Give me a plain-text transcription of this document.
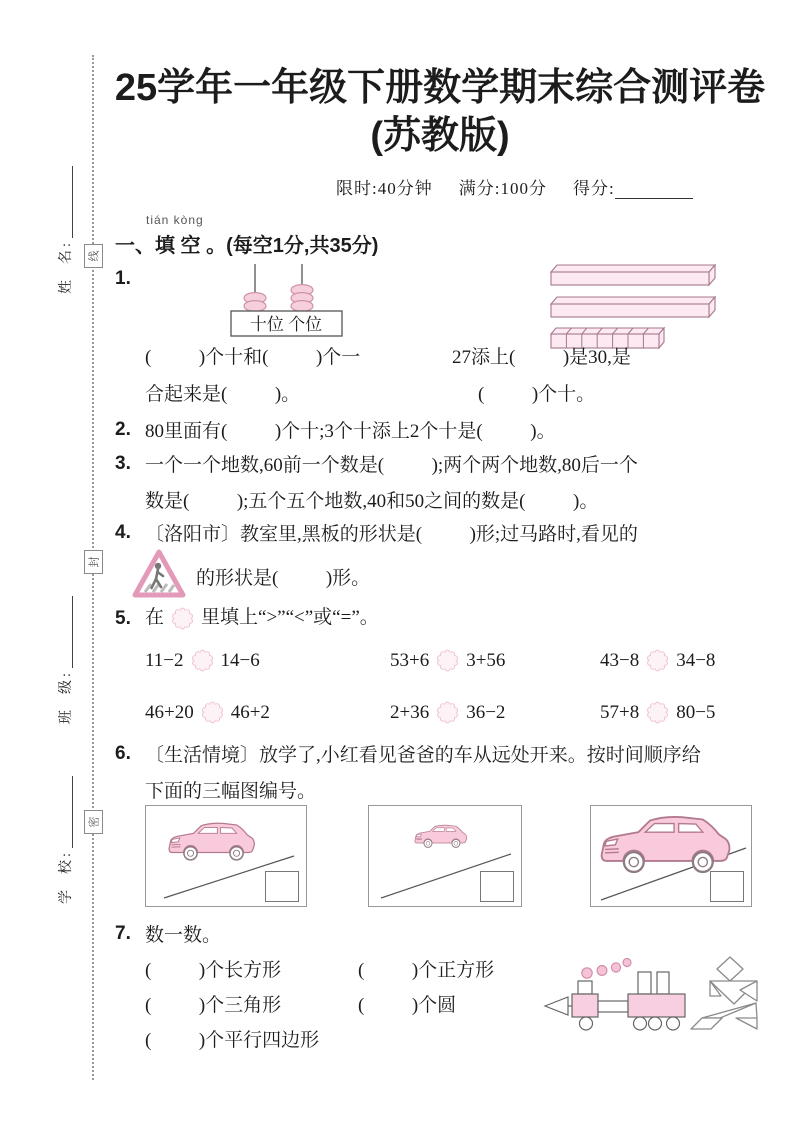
线
封
密
姓  名:
班  级:
学  校:
25学年一年级下册数学期末综合测评卷
(苏教版)
限时:40分钟 满分:100分 得分:
tián kòng
一、填 空 。(每空1分,共35分)
1.
十位 个位
(          )个十和(          )个一	27添上(          )是30,是
合起来是(          )。	(          )个十。
2. 80里面有(          )个十;3个十添上2个十是(          )。
3. 一个一个地数,60前一个数是(          );两个两个地数,80后一个
数是(          );五个五个地数,40和50之间的数是(          )。
4. 〔洛阳市〕教室里,黑板的形状是(          )形;过马路时,看见的
的形状是(          )形。
5. 在 里填上“>”“<”或“=”。
11−2 14−6	53+6 3+56	43−8 34−8
46+20 46+2	2+36 36−2	57+8 80−5
6. 〔生活情境〕放学了,小红看见爸爸的车从远处开来。按时间顺序给
下面的三幅图编号。
7. 数一数。
(          )个长方形	(          )个正方形
(          )个三角形	(          )个圆
(          )个平行四边形
